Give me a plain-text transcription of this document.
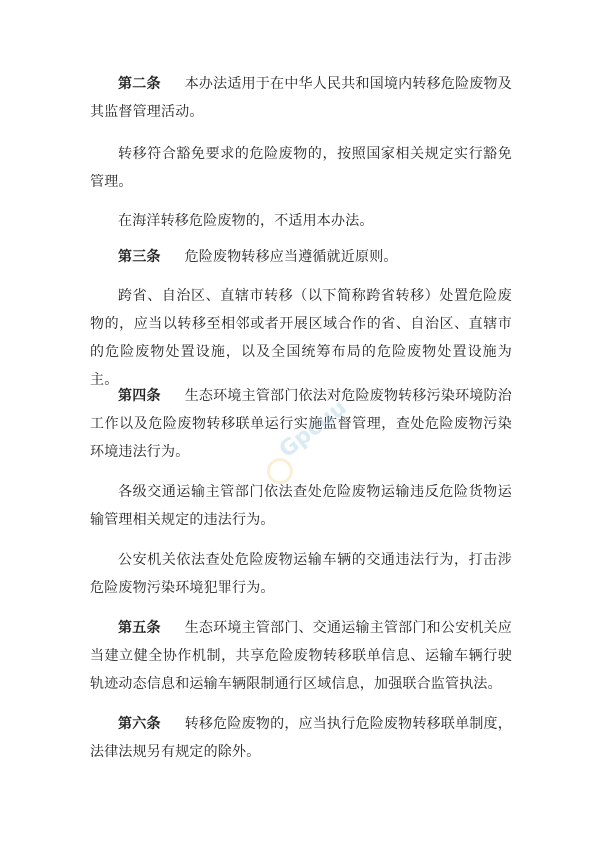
第二条 本办法适用于在中华人民共和国境内转移危险废物及其监督管理活动。

转移符合豁免要求的危险废物的，按照国家相关规定实行豁免管理。

在海洋转移危险废物的，不适用本办法。

第三条 危险废物转移应当遵循就近原则。

跨省、自治区、直辖市转移（以下简称跨省转移）处置危险废物的，应当以转移至相邻或者开展区域合作的省、自治区、直辖市的危险废物处置设施，以及全国统筹布局的危险废物处置设施为主。

第四条 生态环境主管部门依法对危险废物转移污染环境防治工作以及危险废物转移联单运行实施监督管理，查处危险废物污染环境违法行为。

各级交通运输主管部门依法查处危险废物运输违反危险货物运输管理相关规定的违法行为。

公安机关依法查处危险废物运输车辆的交通违法行为，打击涉危险废物污染环境犯罪行为。

第五条 生态环境主管部门、交通运输主管部门和公安机关应当建立健全协作机制，共享危险废物转移联单信息、运输车辆行驶轨迹动态信息和运输车辆限制通行区域信息，加强联合监管执法。

第六条 转移危险废物的，应当执行危险废物转移联单制度，法律法规另有规定的除外。

Gpcuu
